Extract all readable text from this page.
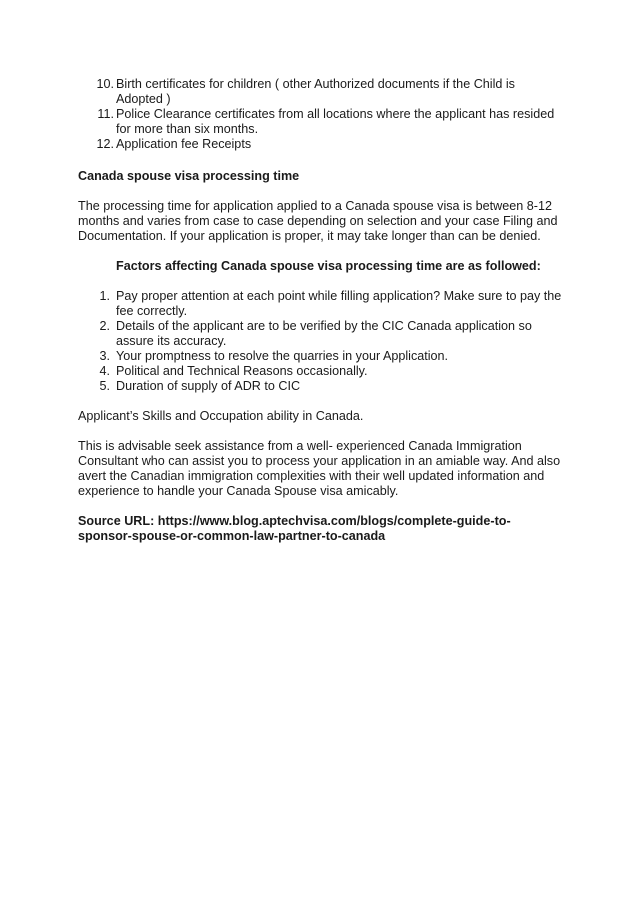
10. Birth certificates for children ( other Authorized documents if the Child is Adopted )
11. Police Clearance certificates from all locations where the applicant has resided for more than six months.
12. Application fee Receipts

Canada spouse visa processing time

The processing time for application applied to a Canada spouse visa is between 8-12 months and varies from case to case depending on selection and your case Filing and Documentation. If your application is proper, it may take longer than can be denied.

Factors affecting Canada spouse visa processing time are as followed:

1. Pay proper attention at each point while filling application? Make sure to pay the fee correctly.
2. Details of the applicant are to be verified by the CIC Canada application so assure its accuracy.
3. Your promptness to resolve the quarries in your Application.
4. Political and Technical Reasons occasionally.
5. Duration of supply of ADR to CIC

Applicant’s Skills and Occupation ability in Canada.

This is advisable seek assistance from a well- experienced Canada Immigration Consultant who can assist you to process your application in an amiable way. And also avert the Canadian immigration complexities with their well updated information and experience to handle your Canada Spouse visa amicably.

Source URL: https://www.blog.aptechvisa.com/blogs/complete-guide-to-sponsor-spouse-or-common-law-partner-to-canada
